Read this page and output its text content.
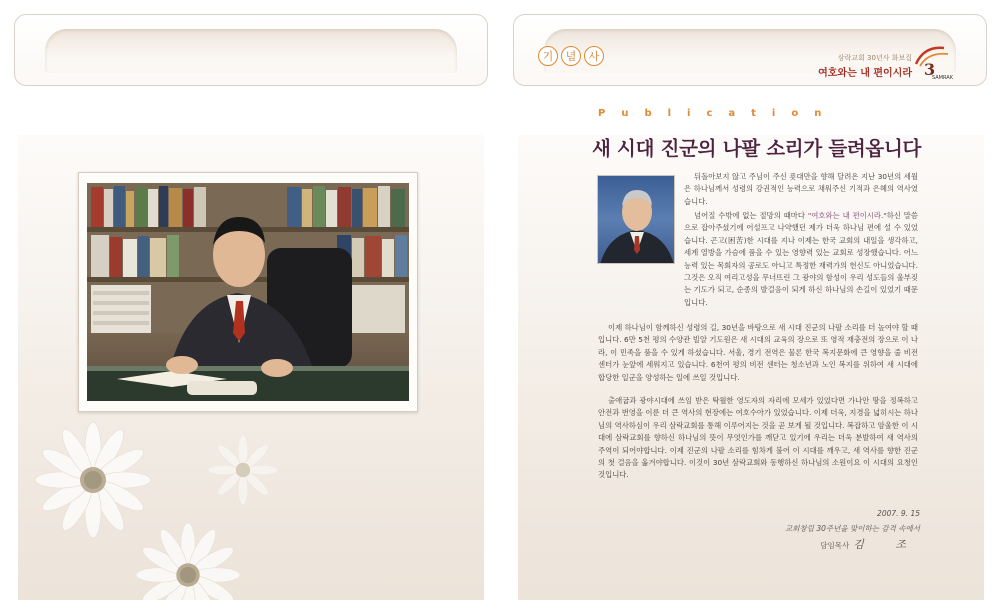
기	념	사	삼락교회 30년사 화보집
여호와는 내 편이시라 3
SAMRAK
Publication
새 시대 진군의 나팔 소리가 들려옵니다

뒤돌아보지 않고 주님이 주신 푯대만을 향해 달려온 지난 30년의 세월은 하나님께서 성령의 강권적인 능력으로 채워주신 기적과 은혜의 역사였습니다.

넘어질 수밖에 없는 절망의 때마다 "여호와는 내 편이시라."하신 말씀으로 잡아주셨기에 어설프고 나약했던 제가 더욱 하나님 편에 설 수 있었습니다. 곤고(困苦)한 시대를 지나 이제는 한국 교회의 내일을 생각하고, 세계 열방을 가슴에 품을 수 있는 영향력 있는 교회로 성장했습니다. 어느 능력 있는 목회자의 공로도 아니고 특정한 재력가의 헌신도 아니었습니다. 그것은 오직 여리고성을 무너뜨린 그 광야의 함성이 우리 성도들의 울부짖는 기도가 되고, 순종의 발걸음이 되게 하신 하나님의 손길이 있었기 때문입니다.

이제 하나님이 함께하신 성령의 길, 30년을 바탕으로 새 시대 진군의 나팔 소리를 더 높여야 할 때입니다. 6만 5천 평의 수양관 빌알 기도원은 새 시대의 교육의 장으로 또 영적 재충전의 장으로 이 나라, 이 민족을 품을 수 있게 하셨습니다. 서울, 경기 전역은 물론 한국 복지문화에 큰 영향을 줄 비전 센터가 눈앞에 세워지고 있습니다. 6천여 평의 비전 센터는 청소년과 노인 복지를 위하여 새 시대에 합당한 일군을 양성하는 일에 쓰일 것입니다.

출애굽과 광야시대에 쓰임 받은 탁월한 영도자의 자리에 모세가 있었다면 가나안 땅을 정복하고 안전과 번영을 이룬 더 큰 역사의 현장에는 여호수아가 있었습니다. 이제 더욱, 지경을 넓히시는 하나님의 역사하심이 우리 삼락교회를 통해 이루어지는 것을 곧 보게 될 것입니다. 복잡하고 암울한 이 시대에 삼락교회를 향하신 하나님의 뜻이 무엇인가를 깨닫고 있기에 우리는 더욱 분발하여 새 역사의 주역이 되어야합니다. 이제 진군의 나팔 소리를 힘차게 불어 이 시대를 깨우고, 새 역사를 향한 진군의 첫 걸음을 옮겨야합니다. 이것이 30년 삼락교회와 동행하신 하나님의 소원이요 이 시대의 요청인 것입니다.

2007. 9. 15
교회창립 30주년을 맞이하는 감격 속에서
담임목사 김 조
